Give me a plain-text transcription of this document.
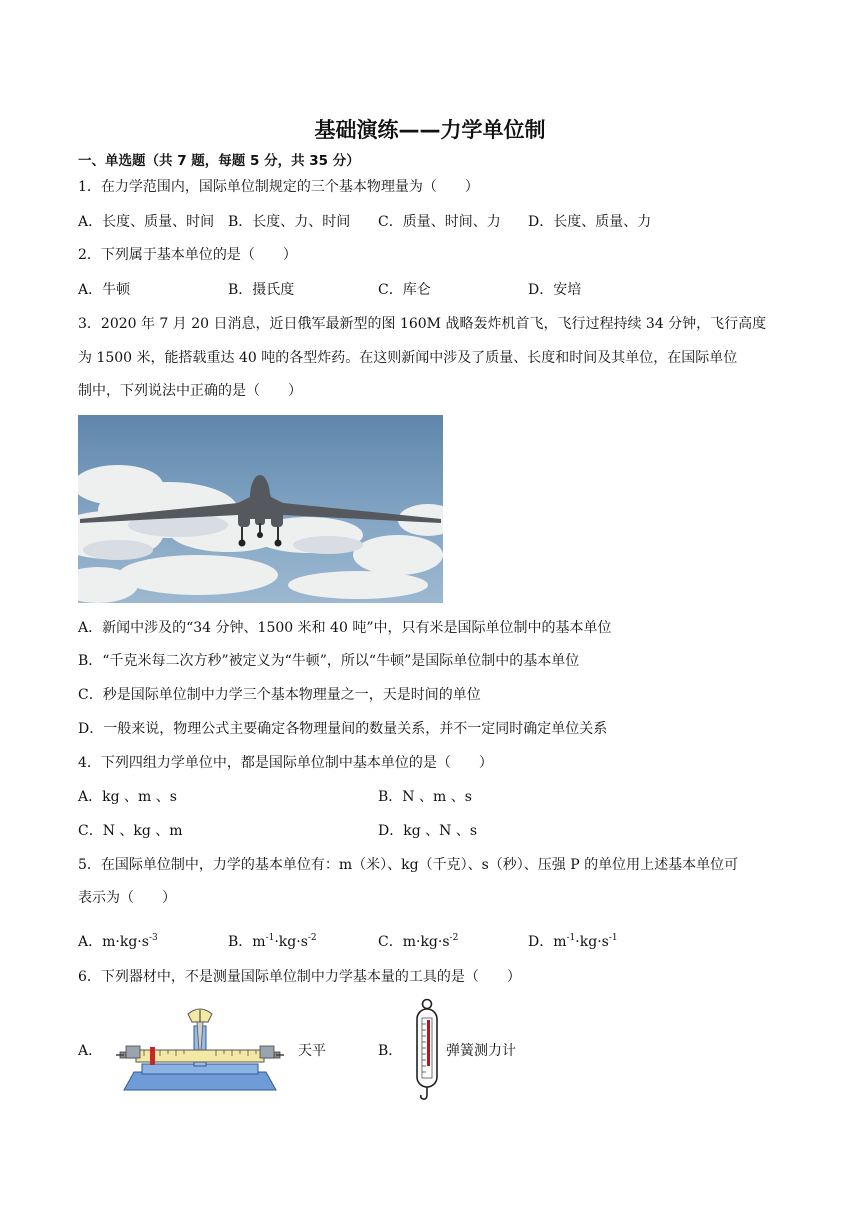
基础演练——力学单位制
一、单选题（共 7 题，每题 5 分，共 35 分）
1．在力学范围内，国际单位制规定的三个基本物理量为（　　）
A．长度、质量、时间 B．长度、力、时间 C．质量、时间、力 D．长度、质量、力
2．下列属于基本单位的是（　　）
A．牛顿	B．摄氏度	C．库仑	D．安培
3．2020 年 7 月 20 日消息，近日俄军最新型的图 160M 战略轰炸机首飞，飞行过程持续 34 分钟，飞行高度
为 1500 米，能搭载重达 40 吨的各型炸药。在这则新闻中涉及了质量、长度和时间及其单位，在国际单位
制中，下列说法中正确的是（　　）
A．新闻中涉及的“34 分钟、1500 米和 40 吨”中，只有米是国际单位制中的基本单位
B．“千克米每二次方秒”被定义为“牛顿”，所以“牛顿”是国际单位制中的基本单位
C．秒是国际单位制中力学三个基本物理量之一，天是时间的单位
D．一般来说，物理公式主要确定各物理量间的数量关系，并不一定同时确定单位关系
4．下列四组力学单位中，都是国际单位制中基本单位的是（　　）
A．kg 、m 、s	B．N 、m 、s
C．N 、kg 、m	D．kg 、N 、s
5．在国际单位制中，力学的基本单位有：m（米）、kg（千克）、s（秒）、压强 P 的单位用上述基本单位可
表示为（　　）
A．$m\cdot kg\cdot s^{-3}$	B．$m^{-1}\cdot kg\cdot s^{-2}$	C．$m\cdot kg\cdot s^{-2}$	D．$m^{-1}\cdot kg\cdot s^{-1}$
6．下列器材中，不是测量国际单位制中力学基本量的工具的是（　　）
A．	天平	B．	弹簧测力计
